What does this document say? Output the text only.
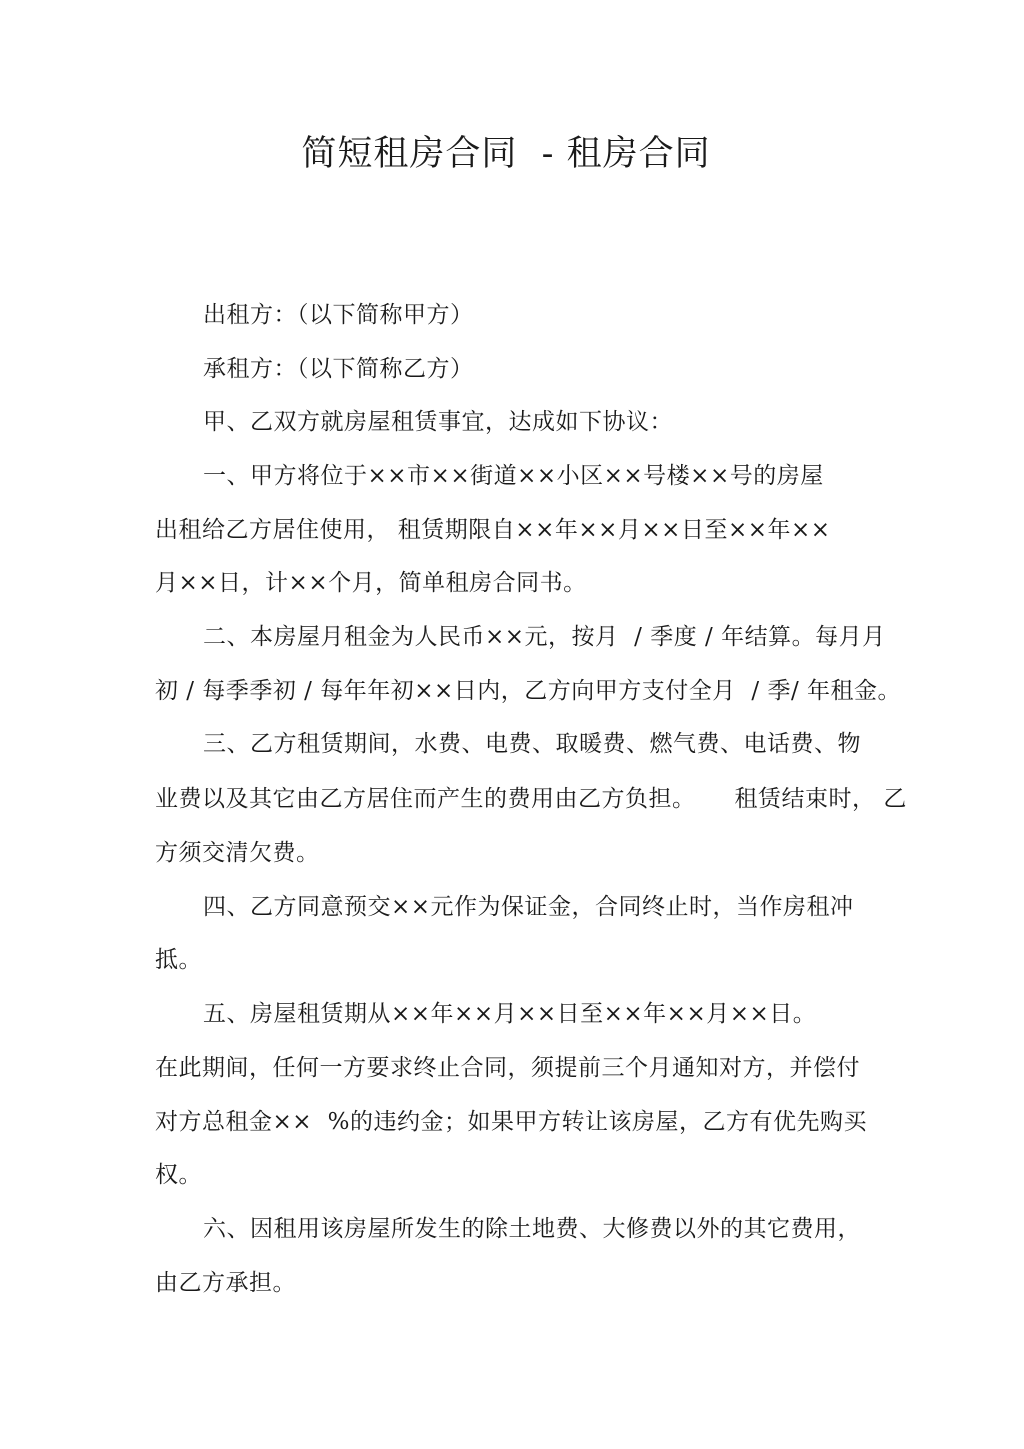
简短租房合同  - 租房合同
出租方：（以下简称甲方）
承租方：（以下简称乙方）
甲、乙双方就房屋租赁事宜，达成如下协议：
一、甲方将位于××市××街道××小区××号楼××号的房屋
出租给乙方居住使用， 租赁期限自××年××月××日至××年××
月××日，计××个月，简单租房合同书。
二、本房屋月租金为人民币××元，按月  / 季度 / 年结算。每月月
初 / 每季季初 / 每年年初××日内，乙方向甲方支付全月  / 季/ 年租金。
三、乙方租赁期间，水费、电费、取暖费、燃气费、电话费、物
业费以及其它由乙方居住而产生的费用由乙方负担。     租赁结束时， 乙
方须交清欠费。
四、乙方同意预交××元作为保证金，合同终止时，当作房租冲
抵。
五、房屋租赁期从××年××月××日至××年××月××日。
在此期间，任何一方要求终止合同，须提前三个月通知对方，并偿付
对方总租金××  %的违约金；如果甲方转让该房屋，乙方有优先购买
权。
六、因租用该房屋所发生的除土地费、大修费以外的其它费用，
由乙方承担。
